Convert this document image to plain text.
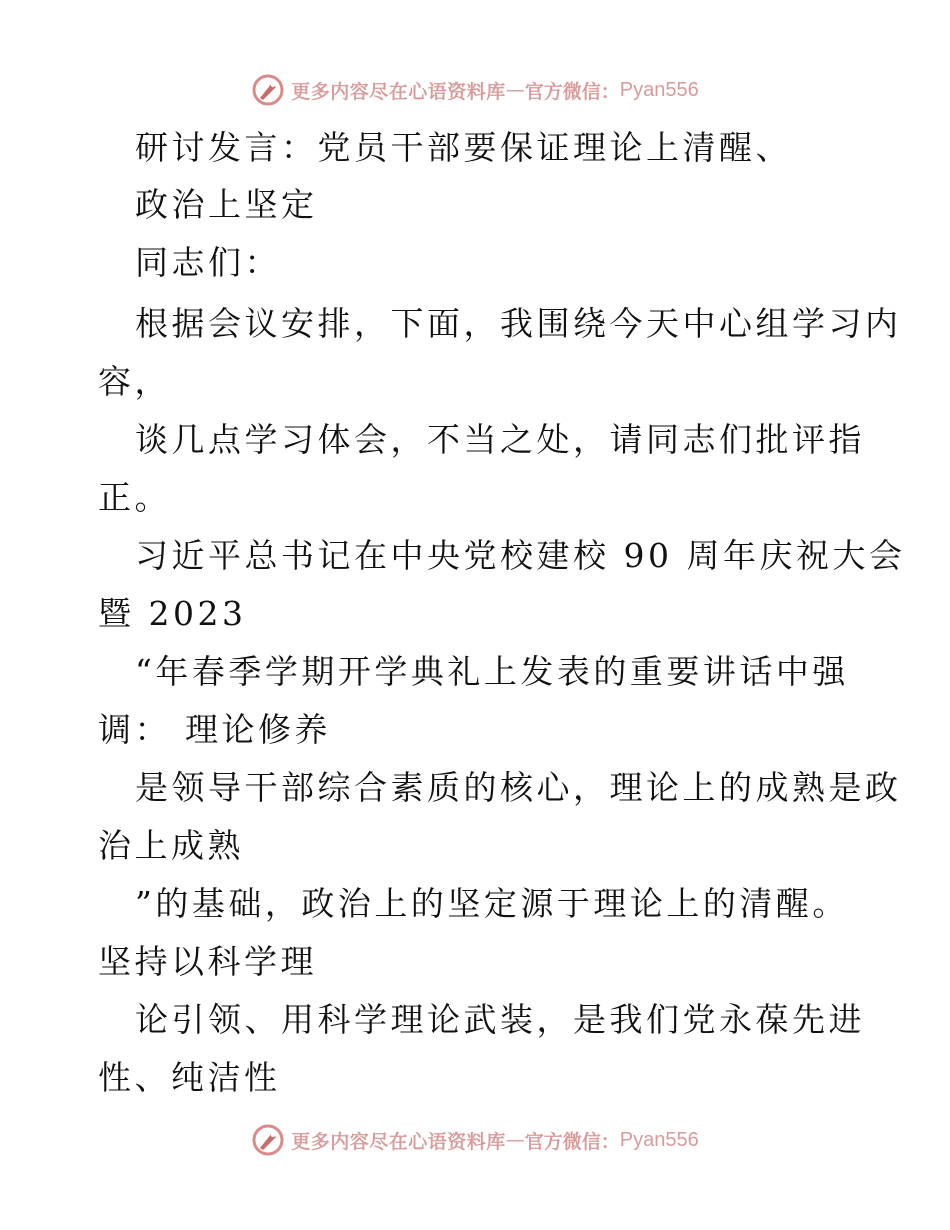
更多内容尽在心语资料库 — 官方微信： Pyan556
研讨发言：党员干部要保证理论上清醒、
政治上坚定
同志们：
根据会议安排，下面，我围绕今天中心组学习内
容，
谈几点学习体会，不当之处，请同志们批评指
正。
习近平总书记在中央党校建校 90 周年庆祝大会
暨 2023
“年春季学期开学典礼上发表的重要讲话中强
调： 理论修养
是领导干部综合素质的核心，理论上的成熟是政
治上成熟
”的基础，政治上的坚定源于理论上的清醒。
坚持以科学理
论引领、用科学理论武装，是我们党永葆先进
性、纯洁性
更多内容尽在心语资料库 — 官方微信： Pyan556
